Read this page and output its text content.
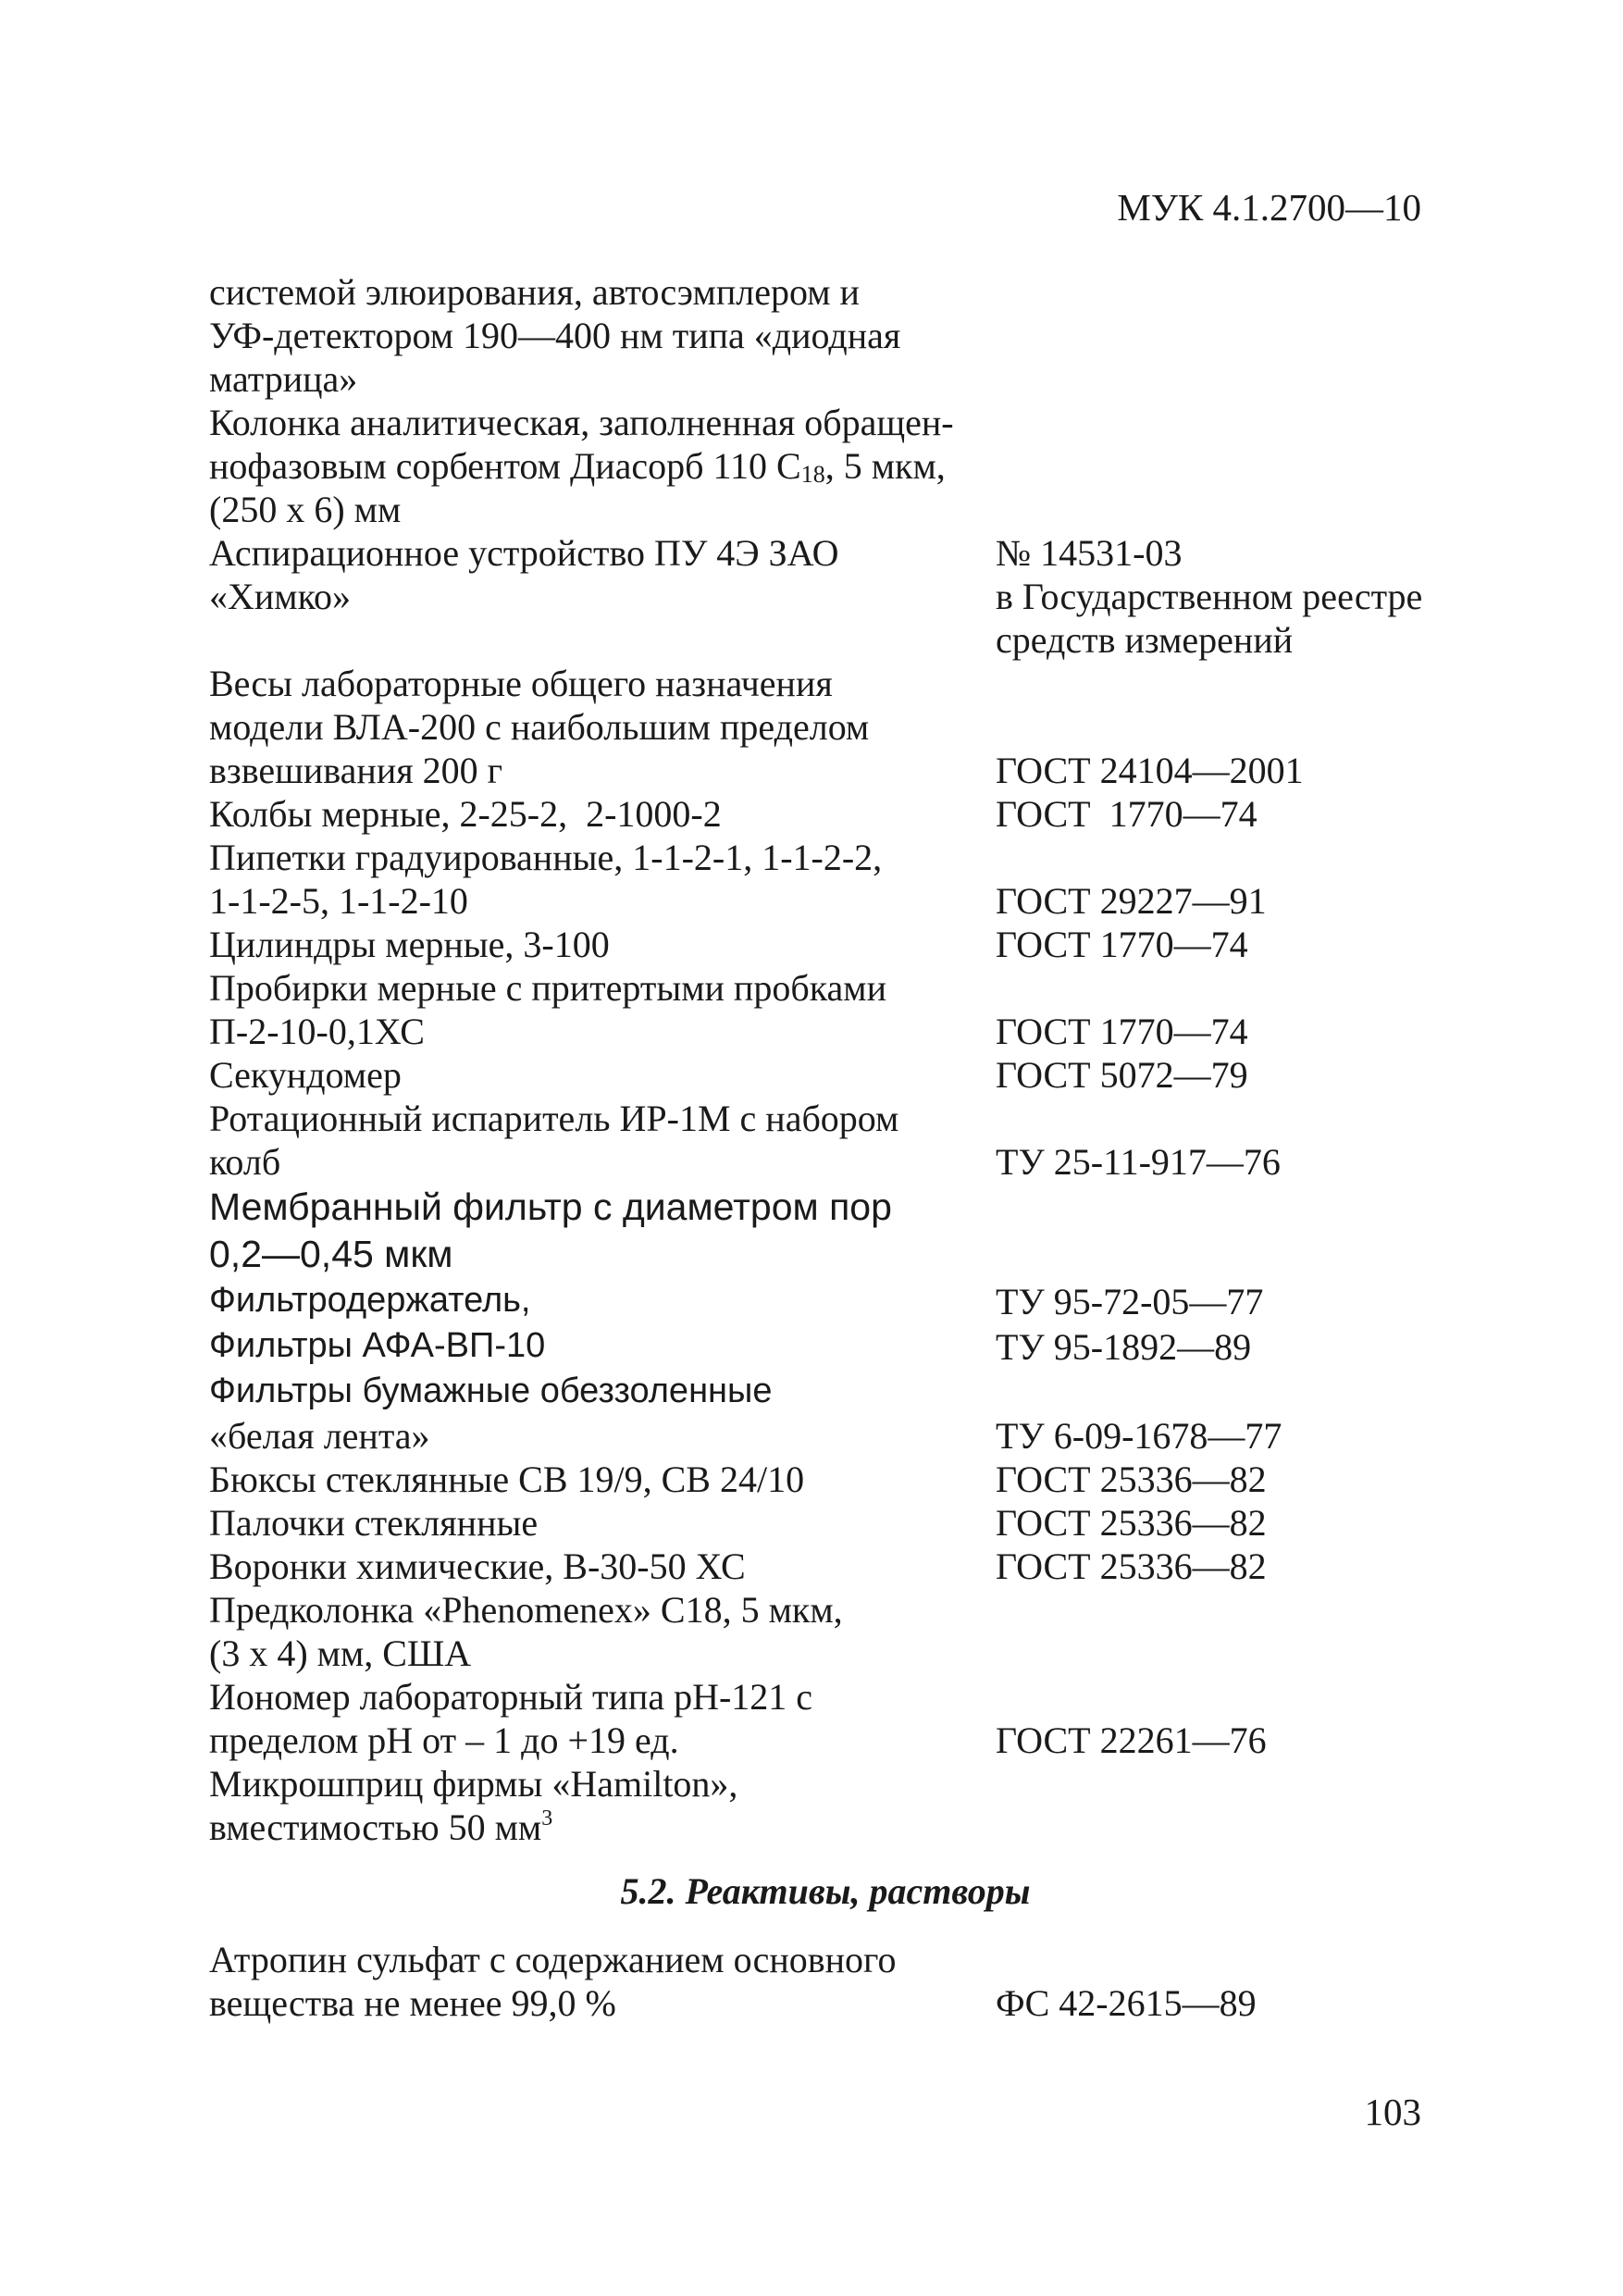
МУК 4.1.2700—10
системой элюирования, автосэмплером и
УФ-детектором 190—400 нм типа «диодная
матрица»	

Колонка аналитическая, заполненная обращен-
нофазовым сорбентом Диасорб 110 $С_{18}$, 5 мкм,
(250 х 6) мм	

Аспирационное устройство ПУ 4Э ЗАО
«Химко»	№ 14531-03
в Государственном реестре
средств измерений

Весы лабораторные общего назначения
модели ВЛА-200 с наибольшим пределом
взвешивания 200 г	ГОСТ 24104—2001

Колбы мерные, 2-25-2,  2-1000-2	ГОСТ  1770—74

Пипетки градуированные, 1-1-2-1, 1-1-2-2,
1-1-2-5, 1-1-2-10	ГОСТ 29227—91

Цилиндры мерные, 3-100	ГОСТ 1770—74

Пробирки мерные с притертыми пробками
П-2-10-0,1ХС	ГОСТ 1770—74

Секундомер	ГОСТ 5072—79

Ротационный испаритель ИР-1М с набором
колб	ТУ 25-11-917—76

Мембранный фильтр с диаметром пор
0,2—0,45 мкм	

Фильтродержатель,	ТУ 95-72-05—77

Фильтры АФА-ВП-10	ТУ 95-1892—89

Фильтры бумажные обеззоленные
«белая лента»	ТУ 6-09-1678—77

Бюксы стеклянные СВ 19/9, СВ 24/10	ГОСТ 25336—82

Палочки стеклянные	ГОСТ 25336—82

Воронки химические, В-30-50 ХС	ГОСТ 25336—82

Предколонка «Phenomenex» С18, 5 мкм,
(3 х 4) мм, США	

Иономер лабораторный типа рН-121 с
пределом рН от – 1 до +19 ед.	ГОСТ 22261—76

Микрошприц фирмы «Hamilton»,
вместимостью 50 $мм^3$

5.2. Реактивы, растворы
Атропин сульфат с содержанием основного
вещества не менее 99,0 %	ФС 42-2615—89
103
